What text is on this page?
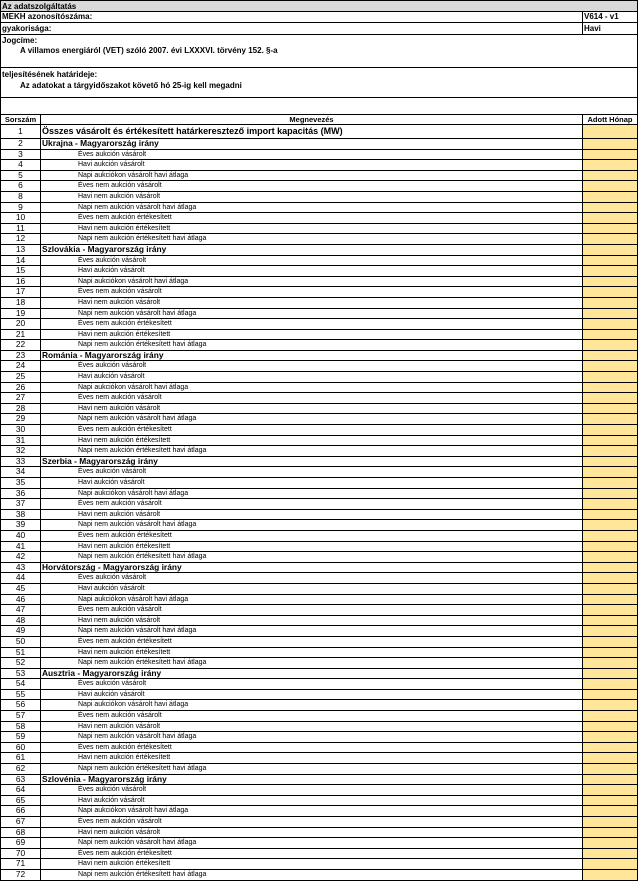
Az adatszolgáltatás
MEKH azonosítószáma:	V614 - v1
gyakorisága:	Havi
Jogcíme:
A villamos energiáról (VET) szóló 2007. évi LXXXVI. törvény 152. §-a
teljesítésének határideje:
Az adatokat a tárgyidőszakot követő hó 25-ig kell megadni
Sorszám	Megnevezés	Adott Hónap
1	Összes vásárolt és értékesített határkeresztező import kapacitás (MW)
2	Ukrajna - Magyarország irány
3	Éves aukción vásárolt
4	Havi aukción vásárolt
5	Napi aukciókon vásárolt havi átlaga
6	Éves nem aukción vásárolt
8	Havi nem aukción vásárolt
9	Napi nem aukción vásárolt havi átlaga
10	Éves nem aukción értékesített
11	Havi nem aukción értékesített
12	Napi nem aukción értékesített havi átlaga
13	Szlovákia - Magyarország irány
14	Éves aukción vásárolt
15	Havi aukción vásárolt
16	Napi aukciókon vásárolt havi átlaga
17	Éves nem aukción vásárolt
18	Havi nem aukción vásárolt
19	Napi nem aukción vásárolt havi átlaga
20	Éves nem aukción értékesített
21	Havi nem aukción értékesített
22	Napi nem aukción értékesített havi átlaga
23	Románia - Magyarország irány
24	Éves aukción vásárolt
25	Havi aukción vásárolt
26	Napi aukciókon vásárolt havi átlaga
27	Éves nem aukción vásárolt
28	Havi nem aukción vásárolt
29	Napi nem aukción vásárolt havi átlaga
30	Éves nem aukción értékesített
31	Havi nem aukción értékesített
32	Napi nem aukción értékesített havi átlaga
33	Szerbia - Magyarország irány
34	Éves aukción vásárolt
35	Havi aukción vásárolt
36	Napi aukciókon vásárolt havi átlaga
37	Éves nem aukción vásárolt
38	Havi nem aukción vásárolt
39	Napi nem aukción vásárolt havi átlaga
40	Éves nem aukción értékesített
41	Havi nem aukción értékesített
42	Napi nem aukción értékesített havi átlaga
43	Horvátország - Magyarország irány
44	Éves aukción vásárolt
45	Havi aukción vásárolt
46	Napi aukciókon vásárolt havi átlaga
47	Éves nem aukción vásárolt
48	Havi nem aukción vásárolt
49	Napi nem aukción vásárolt havi átlaga
50	Éves nem aukción értékesített
51	Havi nem aukción értékesített
52	Napi nem aukción értékesített havi átlaga
53	Ausztria - Magyarország irány
54	Éves aukción vásárolt
55	Havi aukción vásárolt
56	Napi aukciókon vásárolt havi átlaga
57	Éves nem aukción vásárolt
58	Havi nem aukción vásárolt
59	Napi nem aukción vásárolt havi átlaga
60	Éves nem aukción értékesített
61	Havi nem aukción értékesített
62	Napi nem aukción értékesített havi átlaga
63	Szlovénia - Magyarország irány
64	Éves aukción vásárolt
65	Havi aukción vásárolt
66	Napi aukciókon vásárolt havi átlaga
67	Éves nem aukción vásárolt
68	Havi nem aukción vásárolt
69	Napi nem aukción vásárolt havi átlaga
70	Éves nem aukción értékesített
71	Havi nem aukción értékesített
72	Napi nem aukción értékesített havi átlaga
